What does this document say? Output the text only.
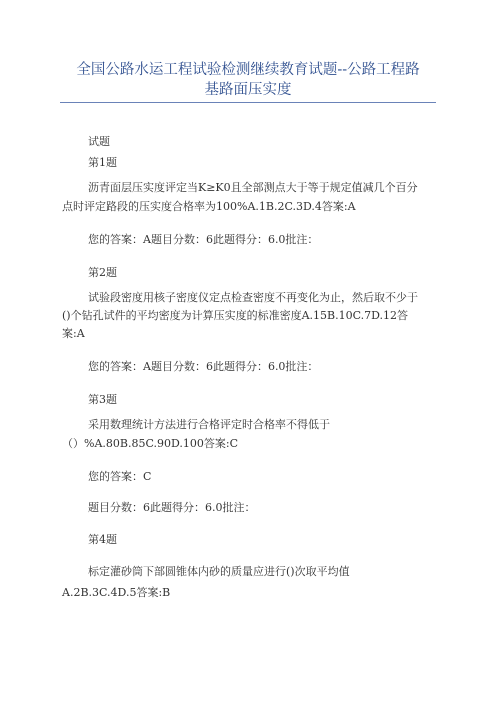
全国公路水运工程试验检测继续教育试题--公路工程路
基路面压实度
试题
第1题
沥青面层压实度评定当K≥K0且全部测点大于等于规定值减几个百分
点时评定路段的压实度合格率为100%A.1B.2C.3D.4答案:A
您的答案：A题目分数：6此题得分：6.0批注：
第2题
试验段密度用核子密度仪定点检查密度不再变化为止，然后取不少于
()个钻孔试件的平均密度为计算压实度的标准密度A.15B.10C.7D.12答
案:A
您的答案：A题目分数：6此题得分：6.0批注：
第3题
采用数理统计方法进行合格评定时合格率不得低于
（）%A.80B.85C.90D.100答案:C
您的答案：C
题目分数：6此题得分：6.0批注：
第4题
标定灌砂筒下部圆锥体内砂的质量应进行()次取平均值
A.2B.3C.4D.5答案:B
